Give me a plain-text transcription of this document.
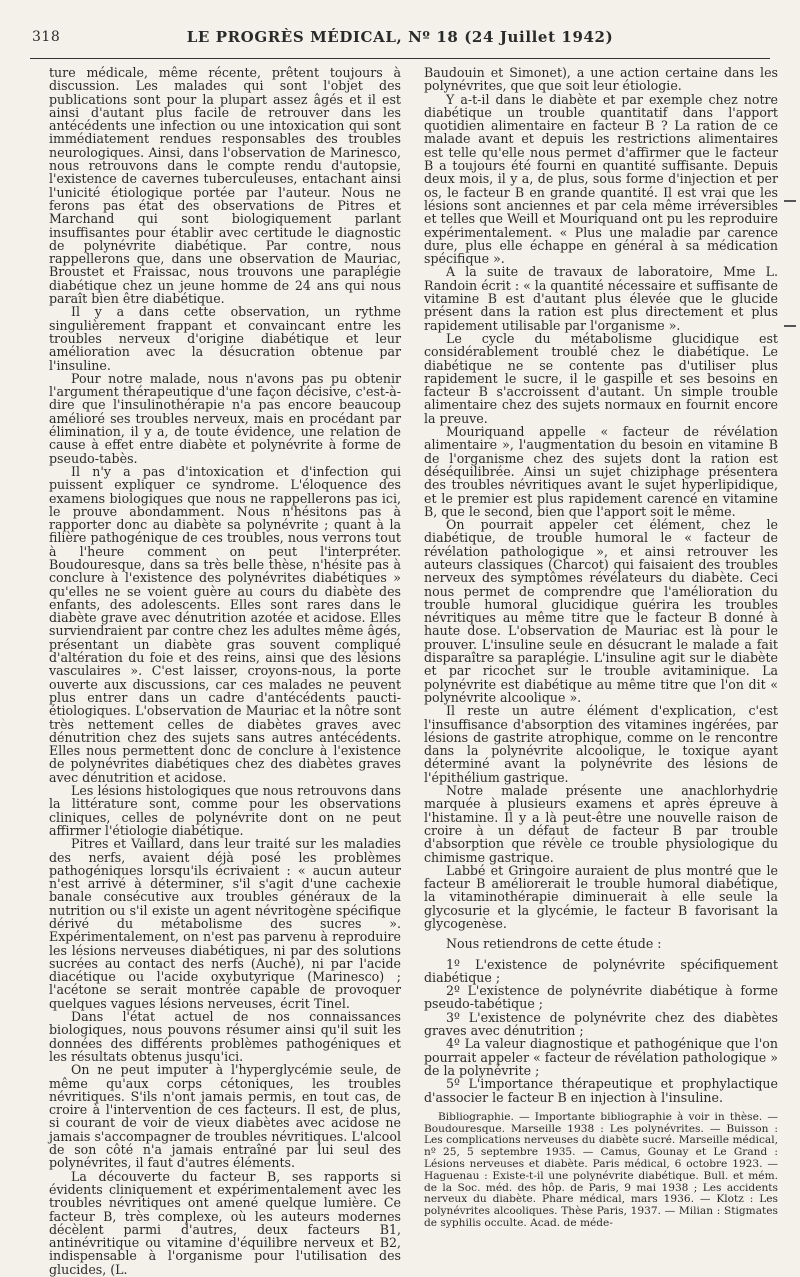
318	LE PROGRÈS MÉDICAL, Nº 18 (24 Juillet 1942)

ture médicale, même récente, prêtent toujours à discussion. Les malades qui sont l'objet des publications sont pour la plupart assez âgés et il est ainsi d'autant plus facile de retrouver dans les antécédents une infection ou une intoxication qui sont immédiatement rendues responsables des troubles neurologiques. Ainsi, dans l'observation de Marinesco, nous retrouvons dans le compte rendu d'autopsie, l'existence de cavernes tuberculeuses, entachant ainsi l'unicité étiologique portée par l'auteur. Nous ne ferons pas état des observations de Pitres et Marchand qui sont biologiquement parlant insuffisantes pour établir avec certitude le diagnostic de polynévrite diabétique. Par contre, nous rappellerons que, dans une observation de Mauriac, Broustet et Fraissac, nous trouvons une paraplégie diabétique chez un jeune homme de 24 ans qui nous paraît bien être diabétique.

Il y a dans cette observation, un rythme singulièrement frappant et convaincant entre les troubles nerveux d'origine diabétique et leur amélioration avec la désucration obtenue par l'insuline.

Pour notre malade, nous n'avons pas pu obtenir l'argument thérapeutique d'une façon décisive, c'est-à-dire que l'insulinothérapie n'a pas encore beaucoup amélioré ses troubles nerveux, mais en procédant par élimination, il y a, de toute évidence, une relation de cause à effet entre diabète et polynévrite à forme de pseudo-tabès.

Il n'y a pas d'intoxication et d'infection qui puissent expliquer ce syndrome. L'éloquence des examens biologiques que nous ne rappellerons pas ici, le prouve abondamment. Nous n'hésitons pas à rapporter donc au diabète sa polynévrite ; quant à la filière pathogénique de ces troubles, nous verrons tout à l'heure comment on peut l'interpréter. Boudouresque, dans sa très belle thèse, n'hésite pas à conclure à l'existence des polynévrites diabétiques » qu'elles ne se voient guère au cours du diabète des enfants, des adolescents. Elles sont rares dans le diabète grave avec dénutrition azotée et acidose. Elles surviendraient par contre chez les adultes même âgés, présentant un diabète gras souvent compliqué d'altération du foie et des reins, ainsi que des lésions vasculaires ». C'est laisser, croyons-nous, la porte ouverte aux discussions, car ces malades ne peuvent plus entrer dans un cadre d'antécédents paucti-étiologiques. L'observation de Mauriac et la nôtre sont très nettement celles de diabètes graves avec dénutrition chez des sujets sans autres antécédents. Elles nous permettent donc de conclure à l'existence de polynévrites diabétiques chez des diabètes graves avec dénutrition et acidose.

Les lésions histologiques que nous retrouvons dans la littérature sont, comme pour les observations cliniques, celles de polynévrite dont on ne peut affirmer l'étiologie diabétique.

Pitres et Vaillard, dans leur traité sur les maladies des nerfs, avaient déjà posé les problèmes pathogéniques lorsqu'ils écrivaient : « aucun auteur n'est arrivé à déterminer, s'il s'agit d'une cachexie banale consécutive aux troubles généraux de la nutrition ou s'il existe un agent névritogène spécifique dérivé du métabolisme des sucres ». Expérimentalement, on n'est pas parvenu à reproduire les lésions nerveuses diabétiques, ni par des solutions sucrées au contact des nerfs (Auché), ni par l'acide diacétique ou l'acide oxybutyrique (Marinesco) ; l'acétone se serait montrée capable de provoquer quelques vagues lésions nerveuses, écrit Tinel.

Dans l'état actuel de nos connaissances biologiques, nous pouvons résumer ainsi qu'il suit les données des différents problèmes pathogéniques et les résultats obtenus jusqu'ici.

On ne peut imputer à l'hyperglycémie seule, de même qu'aux corps cétoniques, les troubles névritiques. S'ils n'ont jamais permis, en tout cas, de croire à l'intervention de ces facteurs. Il est, de plus, si courant de voir de vieux diabètes avec acidose ne jamais s'accompagner de troubles névritiques. L'alcool de son côté n'a jamais entraîné par lui seul des polynévrites, il faut d'autres éléments.

La découverte du facteur B, ses rapports si évidents cliniquement et expérimentalement avec les troubles névritiques ont amené quelque lumière. Ce facteur B, très complexe, où les auteurs modernes décèlent parmi d'autres, deux facteurs B1, antinévritique ou vitamine d'équilibre nerveux et B2, indispensable à l'organisme pour l'utilisation des glucides, (L.

Baudouin et Simonet), a une action certaine dans les polynévrites, que que soit leur étiologie.

Y a-t-il dans le diabète et par exemple chez notre diabétique un trouble quantitatif dans l'apport quotidien alimentaire en facteur B ? La ration de ce malade avant et depuis les restrictions alimentaires est telle qu'elle nous permet d'affirmer que le facteur B a toujours été fourni en quantité suffisante. Depuis deux mois, il y a, de plus, sous forme d'injection et per os, le facteur B en grande quantité. Il est vrai que les lésions sont anciennes et par cela même irréversibles et telles que Weill et Mouriquand ont pu les reproduire expérimentalement. « Plus une maladie par carence dure, plus elle échappe en général à sa médication spécifique ».

A la suite de travaux de laboratoire, Mme L. Randoin écrit : « la quantité nécessaire et suffisante de vitamine B est d'autant plus élevée que le glucide présent dans la ration est plus directement et plus rapidement utilisable par l'organisme ».

Le cycle du métabolisme glucidique est considérablement troublé chez le diabétique. Le diabétique ne se contente pas d'utiliser plus rapidement le sucre, il le gaspille et ses besoins en facteur B s'accroissent d'autant. Un simple trouble alimentaire chez des sujets normaux en fournit encore la preuve.

Mouriquand appelle « facteur de révélation alimentaire », l'augmentation du besoin en vitamine B de l'organisme chez des sujets dont la ration est déséquilibrée. Ainsi un sujet chiziphage présentera des troubles névritiques avant le sujet hyperlipidique, et le premier est plus rapidement carencé en vitamine B, que le second, bien que l'apport soit le même.

On pourrait appeler cet élément, chez le diabétique, de trouble humoral le « facteur de révélation pathologique », et ainsi retrouver les auteurs classiques (Charcot) qui faisaient des troubles nerveux des symptômes révélateurs du diabète. Ceci nous permet de comprendre que l'amélioration du trouble humoral glucidique guérira les troubles névritiques au même titre que le facteur B donné à haute dose. L'observation de Mauriac est là pour le prouver. L'insuline seule en désucrant le malade a fait disparaître sa paraplégie. L'insuline agit sur le diabète et par ricochet sur le trouble avitaminique. La polynévrite est diabétique au même titre que l'on dit « polynévrite alcoolique ».

Il reste un autre élément d'explication, c'est l'insuffisance d'absorption des vitamines ingérées, par lésions de gastrite atrophique, comme on le rencontre dans la polynévrite alcoolique, le toxique ayant déterminé avant la polynévrite des lésions de l'épithélium gastrique.

Notre malade présente une anachlorhydrie marquée à plusieurs examens et après épreuve à l'histamine. Il y a là peut-être une nouvelle raison de croire à un défaut de facteur B par trouble d'absorption que révèle ce trouble physiologique du chimisme gastrique.

Labbé et Gringoire auraient de plus montré que le facteur B améliorerait le trouble humoral diabétique, la vitaminothérapie diminuerait à elle seule la glycosurie et la glycémie, le facteur B favorisant la glycogenèse.

Nous retiendrons de cette étude :

1º L'existence de polynévrite spécifiquement diabétique ;

2º L'existence de polynévrite diabétique à forme pseudo-tabétique ;

3º L'existence de polynévrite chez des diabètes graves avec dénutrition ;

4º La valeur diagnostique et pathogénique que l'on pourrait appeler « facteur de révélation pathologique » de la polynévrite ;

5º L'importance thérapeutique et prophylactique d'associer le facteur B en injection à l'insuline.

Bibliographie. — Importante bibliographie à voir in thèse. — Boudouresque. Marseille 1938 : Les polynévrites. — Buisson : Les complications nerveuses du diabète sucré. Marseille médical, nº 25, 5 septembre 1935. — Camus, Gounay et Le Grand : Lésions nerveuses et diabète. Paris médical, 6 octobre 1923. — Haguenau : Existe-t-il une polynévrite diabétique. Bull. et mém. de la Soc. méd. des hôp. de Paris, 9 mai 1938 ; Les accidents nerveux du diabète. Phare médical, mars 1936. — Klotz : Les polynévrites alcooliques. Thèse Paris, 1937. — Milian : Stigmates de syphilis occulte. Acad. de méde-
